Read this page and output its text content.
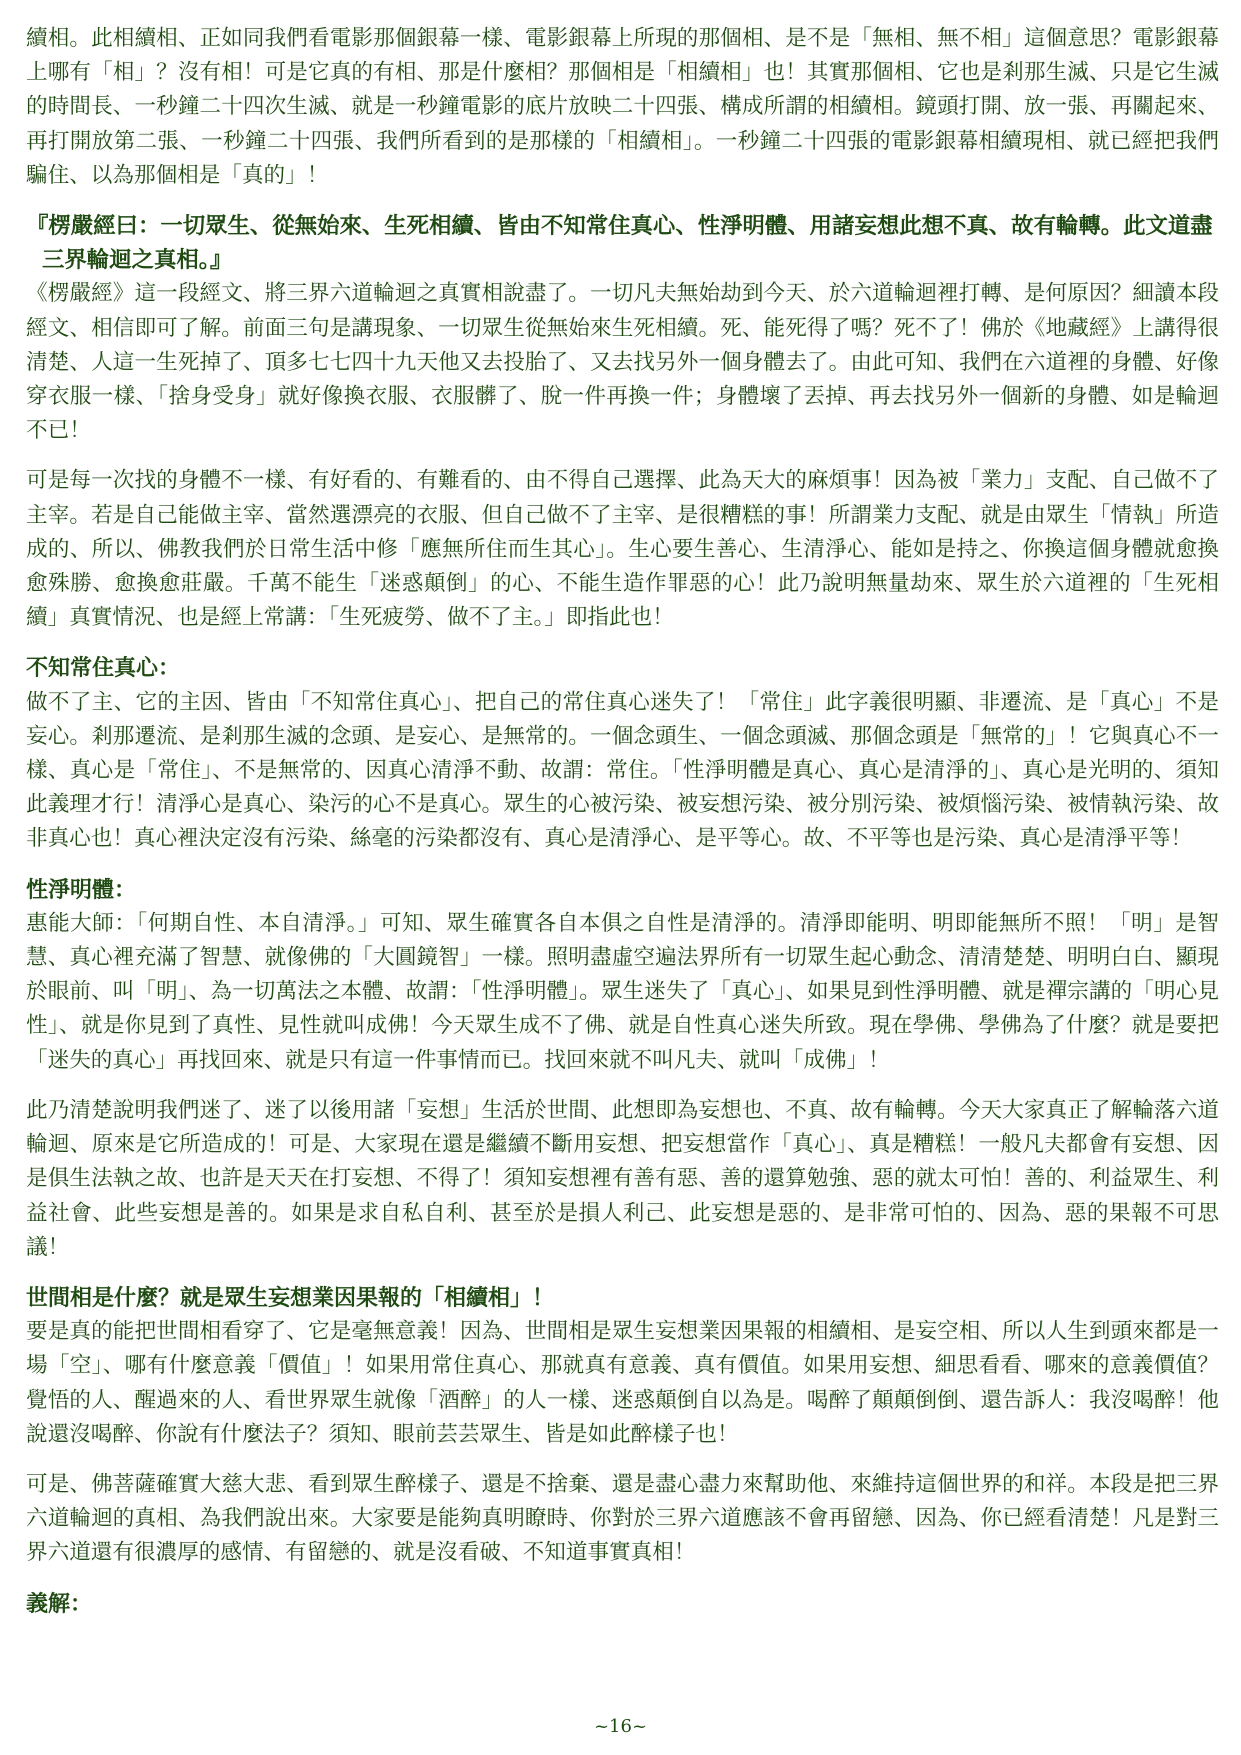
續相。此相續相、正如同我們看電影那個銀幕一樣、電影銀幕上所現的那個相、是不是「無相、無不相」這個意思？電影銀幕上哪有「相」？沒有相！可是它真的有相、那是什麼相？那個相是「相續相」也！其實那個相、它也是剎那生滅、只是它生滅的時間長、一秒鐘二十四次生滅、就是一秒鐘電影的底片放映二十四張、構成所謂的相續相。鏡頭打開、放一張、再關起來、再打開放第二張、一秒鐘二十四張、我們所看到的是那樣的「相續相」。一秒鐘二十四張的電影銀幕相續現相、就已經把我們騙住、以為那個相是「真的」！

『楞嚴經曰：一切眾生、從無始來、生死相續、皆由不知常住真心、性淨明體、用諸妄想此想不真、故有輪轉。此文道盡三界輪迴之真相。』

《楞嚴經》這一段經文、將三界六道輪迴之真實相說盡了。一切凡夫無始劫到今天、於六道輪迴裡打轉、是何原因？細讀本段經文、相信即可了解。前面三句是講現象、一切眾生從無始來生死相續。死、能死得了嗎？死不了！佛於《地藏經》上講得很清楚、人這一生死掉了、頂多七七四十九天他又去投胎了、又去找另外一個身體去了。由此可知、我們在六道裡的身體、好像穿衣服一樣、「捨身受身」就好像換衣服、衣服髒了、脫一件再換一件；身體壞了丟掉、再去找另外一個新的身體、如是輪迴不已！

可是每一次找的身體不一樣、有好看的、有難看的、由不得自己選擇、此為天大的麻煩事！因為被「業力」支配、自己做不了主宰。若是自己能做主宰、當然選漂亮的衣服、但自己做不了主宰、是很糟糕的事！所謂業力支配、就是由眾生「情執」所造成的、所以、佛教我們於日常生活中修「應無所住而生其心」。生心要生善心、生清淨心、能如是持之、你換這個身體就愈換愈殊勝、愈換愈莊嚴。千萬不能生「迷惑顛倒」的心、不能生造作罪惡的心！此乃說明無量劫來、眾生於六道裡的「生死相續」真實情況、也是經上常講：「生死疲勞、做不了主。」即指此也！

不知常住真心：

做不了主、它的主因、皆由「不知常住真心」、把自己的常住真心迷失了！「常住」此字義很明顯、非遷流、是「真心」不是妄心。剎那遷流、是剎那生滅的念頭、是妄心、是無常的。一個念頭生、一個念頭滅、那個念頭是「無常的」！它與真心不一樣、真心是「常住」、不是無常的、因真心清淨不動、故謂：常住。「性淨明體是真心、真心是清淨的」、真心是光明的、須知此義理才行！清淨心是真心、染污的心不是真心。眾生的心被污染、被妄想污染、被分別污染、被煩惱污染、被情執污染、故非真心也！真心裡決定沒有污染、絲毫的污染都沒有、真心是清淨心、是平等心。故、不平等也是污染、真心是清淨平等！

性淨明體：

惠能大師：「何期自性、本自清淨。」可知、眾生確實各自本俱之自性是清淨的。清淨即能明、明即能無所不照！「明」是智慧、真心裡充滿了智慧、就像佛的「大圓鏡智」一樣。照明盡虛空遍法界所有一切眾生起心動念、清清楚楚、明明白白、顯現於眼前、叫「明」、為一切萬法之本體、故謂：「性淨明體」。眾生迷失了「真心」、如果見到性淨明體、就是禪宗講的「明心見性」、就是你見到了真性、見性就叫成佛！今天眾生成不了佛、就是自性真心迷失所致。現在學佛、學佛為了什麼？就是要把「迷失的真心」再找回來、就是只有這一件事情而已。找回來就不叫凡夫、就叫「成佛」！

此乃清楚說明我們迷了、迷了以後用諸「妄想」生活於世間、此想即為妄想也、不真、故有輪轉。今天大家真正了解輪落六道輪迴、原來是它所造成的！可是、大家現在還是繼續不斷用妄想、把妄想當作「真心」、真是糟糕！一般凡夫都會有妄想、因是俱生法執之故、也許是天天在打妄想、不得了！須知妄想裡有善有惡、善的還算勉強、惡的就太可怕！善的、利益眾生、利益社會、此些妄想是善的。如果是求自私自利、甚至於是損人利己、此妄想是惡的、是非常可怕的、因為、惡的果報不可思議！

世間相是什麼？就是眾生妄想業因果報的「相續相」！

要是真的能把世間相看穿了、它是毫無意義！因為、世間相是眾生妄想業因果報的相續相、是妄空相、所以人生到頭來都是一場「空」、哪有什麼意義「價值」！如果用常住真心、那就真有意義、真有價值。如果用妄想、細思看看、哪來的意義價值？覺悟的人、醒過來的人、看世界眾生就像「酒醉」的人一樣、迷惑顛倒自以為是。喝醉了顛顛倒倒、還告訴人：我沒喝醉！他說還沒喝醉、你說有什麼法子？須知、眼前芸芸眾生、皆是如此醉樣子也！

可是、佛菩薩確實大慈大悲、看到眾生醉樣子、還是不捨棄、還是盡心盡力來幫助他、來維持這個世界的和祥。本段是把三界六道輪迴的真相、為我們說出來。大家要是能夠真明瞭時、你對於三界六道應該不會再留戀、因為、你已經看清楚！凡是對三界六道還有很濃厚的感情、有留戀的、就是沒看破、不知道事實真相！

義解：

~16~
